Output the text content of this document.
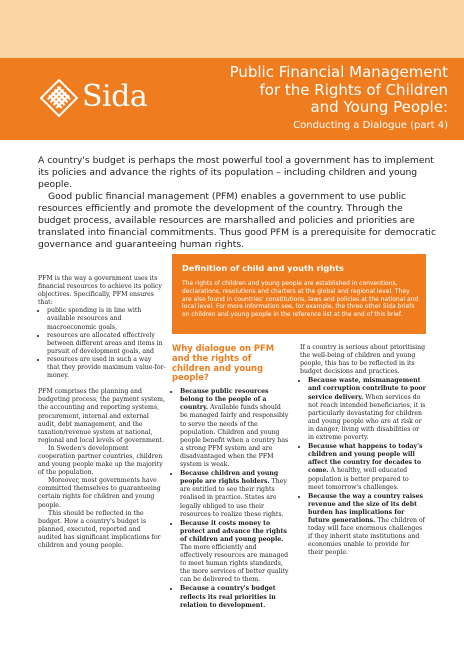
Sida
Public Financial Management
for the Rights of Children
and Young People:
Conducting a Dialogue (part 4)

A country's budget is perhaps the most powerful tool a government has to implement its policies and advance the rights of its population – including children and young people.

Good public financial management (PFM) enables a government to use public resources efficiently and promote the development of the country. Through the budget process, available resources are marshalled and policies and priorities are translated into financial commitments. Thus good PFM is a prerequisite for democratic governance and guaranteeing human rights.

PFM is the way a government uses its financial resources to achieve its policy objectives. Specifically, PFM ensures that:

• public spending is in line with available resources and macroeconomic goals,
• resources are allocated effectively between different areas and items in pursuit of development goals, and
• resources are used in such a way that they provide maximum value-for-money.

PFM comprises the planning and budgeting process, the payment system, the accounting and reporting systems, procurement, internal and external audit, debt management, and the taxation/revenue system at national, regional and local levels of government.

In Sweden's development cooperation partner countries, children and young people make up the majority of the population.

Moreover, most governments have committed themselves to guaranteeing certain rights for children and young people.

This should be reflected in the budget. How a country's budget is planned, executed, reported and audited has significant implications for children and young people.

Definition of child and youth rights
The rights of children and young people are established in conventions, declarations, resolutions and charters at the global and regional level. They are also found in countries' constitutions, laws and policies at the national and local level. For more information see, for example, the three other Sida briefs on children and young people in the reference list at the end of this brief.
Why dialogue on PFM and the rights of children and young people?
• Because public resources belong to the people of a country. Available funds should be managed fairly and responsibly to serve the needs of the population. Children and young people benefit when a country has a strong PFM system and are disadvantaged when the PFM system is weak.
• Because children and young people are rights holders. They are entitled to see their rights realised in practice. States are legally obliged to use their resources to realize these rights.
• Because it costs money to protect and advance the rights of children and young people. The more efficiently and effectively resources are managed to meet human rights standards, the more services of better quality can be delivered to them.
• Because a country's budget reflects its real priorities in relation to development.

If a country is serious about prioritising the well-being of children and young people, this has to be reflected in its budget decisions and practices.

• Because waste, mismanagement and corruption contribute to poor service delivery. When services do not reach intended beneficiaries, it is particularly devastating for children and young people who are at risk or in danger, living with disabilities or in extreme poverty.
• Because what happens to today's children and young people will affect the country for decades to come. A healthy, well educated population is better prepared to meet tomorrow's challenges.
• Because the way a country raises revenue and the size of its debt burden has implications for future generations. The children of today will face enormous challenges if they inherit state institutions and economies unable to provide for their people.
